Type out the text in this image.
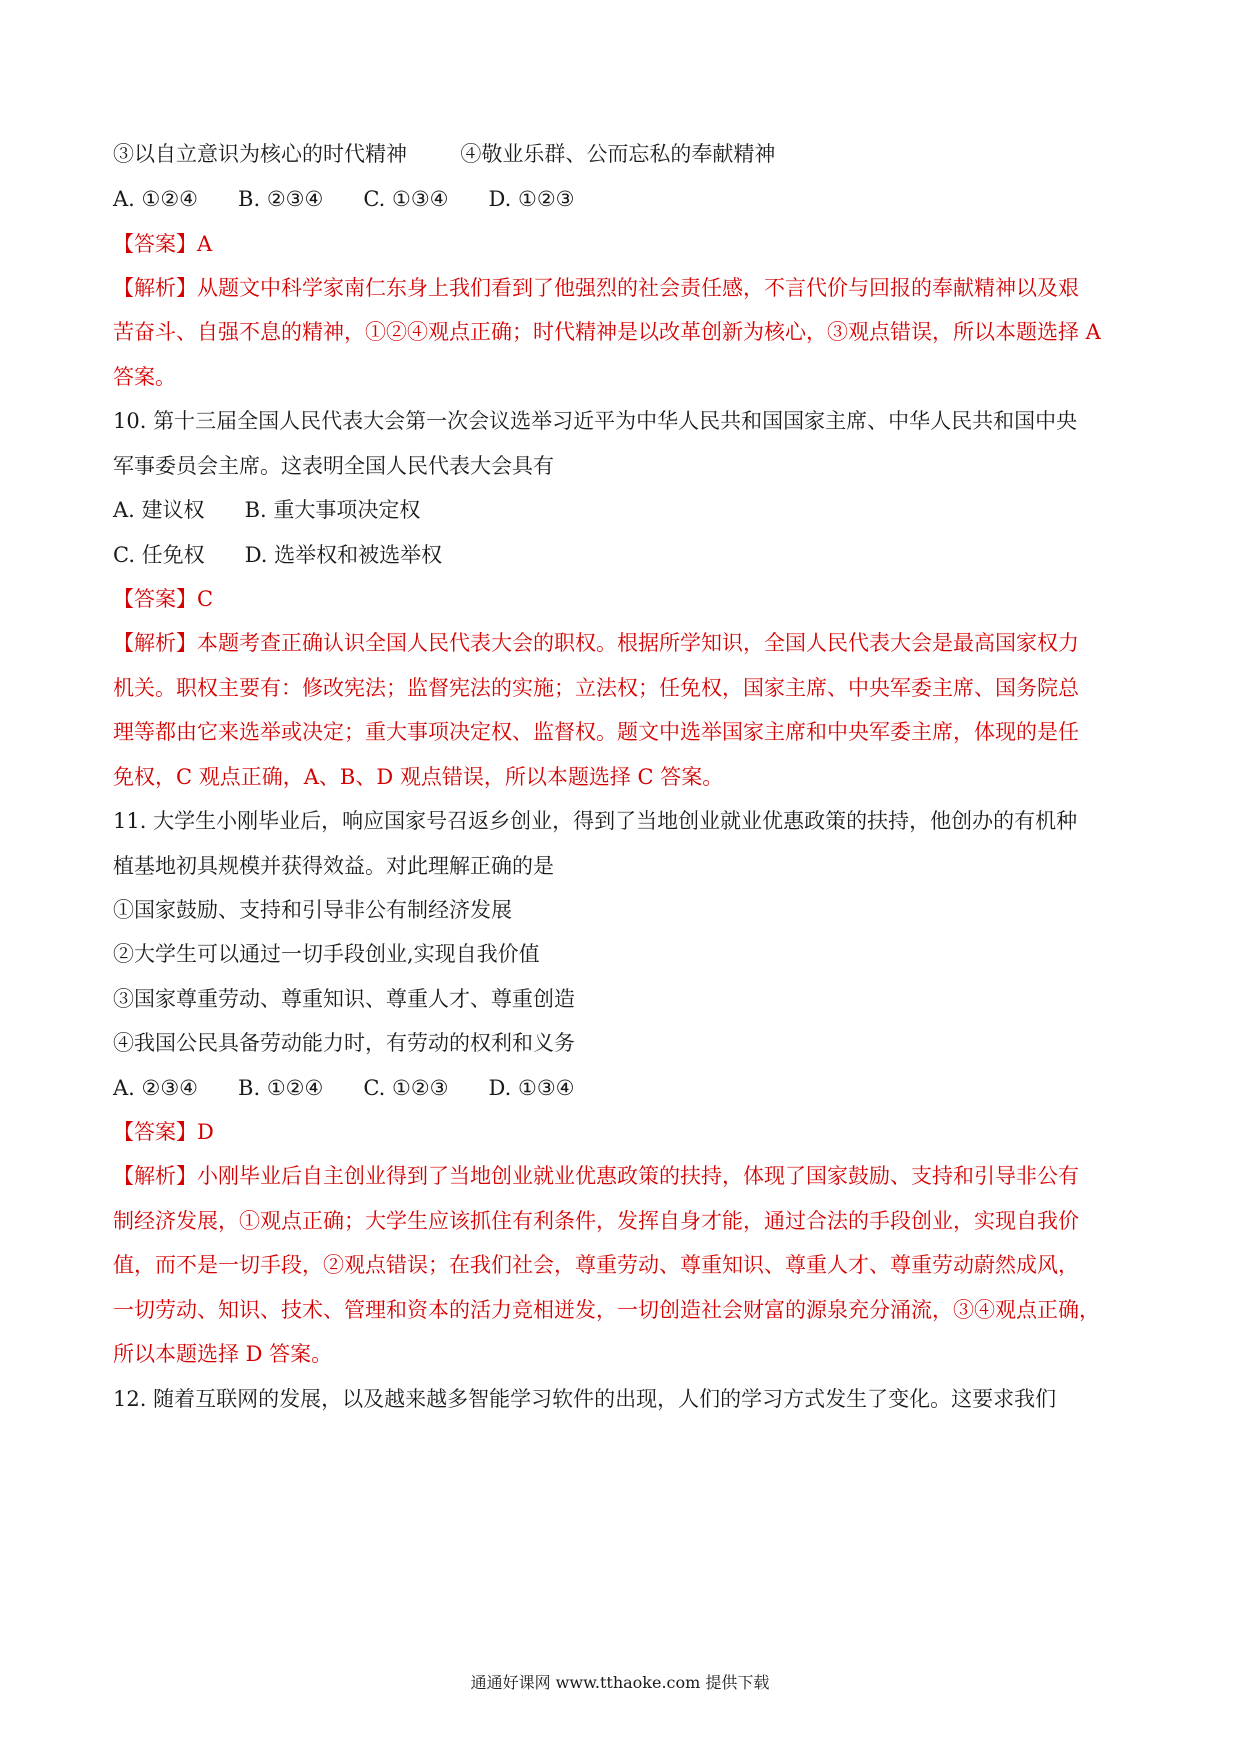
③以自立意识为核心的时代精神        ④敬业乐群、公而忘私的奉献精神
A. ①②④      B. ②③④      C. ①③④      D. ①②③
【答案】A
【解析】从题文中科学家南仁东身上我们看到了他强烈的社会责任感，不言代价与回报的奉献精神以及艰
苦奋斗、自强不息的精神，①②④观点正确；时代精神是以改革创新为核心，③观点错误，所以本题选择 A
答案。
10. 第十三届全国人民代表大会第一次会议选举习近平为中华人民共和国国家主席、中华人民共和国中央
军事委员会主席。这表明全国人民代表大会具有
A. 建议权      B. 重大事项决定权
C. 任免权      D. 选举权和被选举权
【答案】C
【解析】本题考查正确认识全国人民代表大会的职权。根据所学知识，全国人民代表大会是最高国家权力
机关。职权主要有：修改宪法；监督宪法的实施；立法权；任免权，国家主席、中央军委主席、国务院总
理等都由它来选举或决定；重大事项决定权、监督权。题文中选举国家主席和中央军委主席，体现的是任
免权，C 观点正确，A、B、D 观点错误，所以本题选择 C 答案。
11. 大学生小刚毕业后，响应国家号召返乡创业，得到了当地创业就业优惠政策的扶持，他创办的有机种
植基地初具规模并获得效益。对此理解正确的是
①国家鼓励、支持和引导非公有制经济发展
②大学生可以通过一切手段创业,实现自我价值
③国家尊重劳动、尊重知识、尊重人才、尊重创造
④我国公民具备劳动能力时，有劳动的权利和义务
A. ②③④      B. ①②④      C. ①②③      D. ①③④
【答案】D
【解析】小刚毕业后自主创业得到了当地创业就业优惠政策的扶持，体现了国家鼓励、支持和引导非公有
制经济发展，①观点正确；大学生应该抓住有利条件，发挥自身才能，通过合法的手段创业，实现自我价
值，而不是一切手段，②观点错误；在我们社会，尊重劳动、尊重知识、尊重人才、尊重劳动蔚然成风，
一切劳动、知识、技术、管理和资本的活力竞相迸发，一切创造社会财富的源泉充分涌流，③④观点正确，
所以本题选择 D 答案。
12. 随着互联网的发展，以及越来越多智能学习软件的出现，人们的学习方式发生了变化。这要求我们
通通好课网 www.tthaoke.com 提供下载
